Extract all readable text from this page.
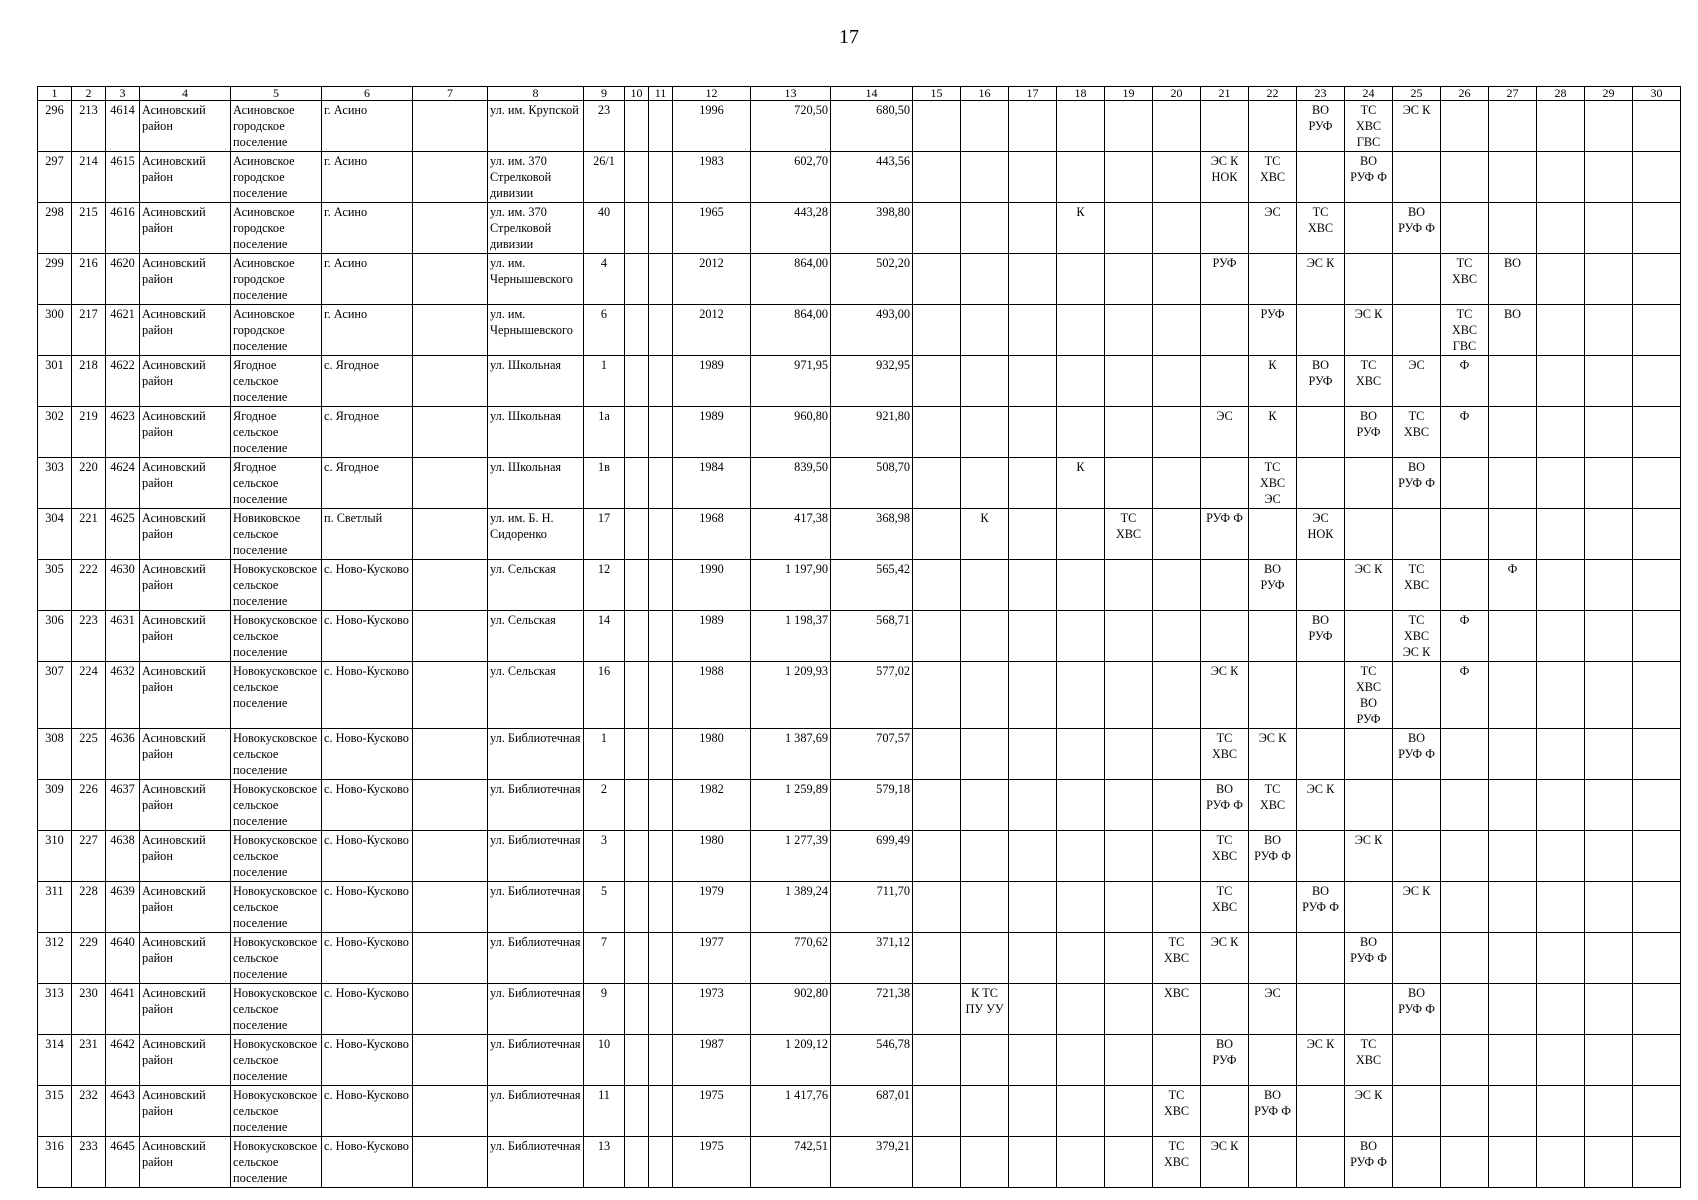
17
1	2	3	4	5	6	7	8	9	10	11	12	13	14	15	16	17	18	19	20	21	22	23	24	25	26	27	28	29	30
296	213	4614	Асиновский район	Асиновское городское поселение	г. Асино		ул. им. Крупской	23			1996	720,50	680,50									ВО РУФ	ТС ХВС ГВС	ЭС К					
297	214	4615	Асиновский район	Асиновское городское поселение	г. Асино		ул. им. 370 Стрелковой дивизии	26/1			1983	602,70	443,56							ЭС К НОК	ТС ХВС		ВО РУФ Ф						
298	215	4616	Асиновский район	Асиновское городское поселение	г. Асино		ул. им. 370 Стрелковой дивизии	40			1965	443,28	398,80				К				ЭС	ТС ХВС		ВО РУФ Ф					
299	216	4620	Асиновский район	Асиновское городское поселение	г. Асино		ул. им. Чернышевского	4			2012	864,00	502,20							РУФ		ЭС К			ТС ХВС	ВО			
300	217	4621	Асиновский район	Асиновское городское поселение	г. Асино		ул. им. Чернышевского	6			2012	864,00	493,00								РУФ		ЭС К		ТС ХВС ГВС	ВО			
301	218	4622	Асиновский район	Ягодное сельское поселение	с. Ягодное		ул. Школьная	1			1989	971,95	932,95								К	ВО РУФ	ТС ХВС	ЭС	Ф				
302	219	4623	Асиновский район	Ягодное сельское поселение	с. Ягодное		ул. Школьная	1а			1989	960,80	921,80							ЭС	К		ВО РУФ	ТС ХВС	Ф				
303	220	4624	Асиновский район	Ягодное сельское поселение	с. Ягодное		ул. Школьная	1в			1984	839,50	508,70				К				ТС ХВС ЭС			ВО РУФ Ф					
304	221	4625	Асиновский район	Новиковское сельское поселение	п. Светлый		ул. им. Б. Н. Сидоренко	17			1968	417,38	368,98		К			ТС ХВС		РУФ Ф		ЭС НОК							
305	222	4630	Асиновский район	Новокусковское сельское поселение	с. Ново-Кусково		ул. Сельская	12			1990	1 197,90	565,42								ВО РУФ		ЭС К	ТС ХВС		Ф			
306	223	4631	Асиновский район	Новокусковское сельское поселение	с. Ново-Кусково		ул. Сельская	14			1989	1 198,37	568,71									ВО РУФ		ТС ХВС ЭС К	Ф				
307	224	4632	Асиновский район	Новокусковское сельское поселение	с. Ново-Кусково		ул. Сельская	16			1988	1 209,93	577,02							ЭС К			ТС ХВС ВО РУФ		Ф				
308	225	4636	Асиновский район	Новокусковское сельское поселение	с. Ново-Кусково		ул. Библиотечная	1			1980	1 387,69	707,57							ТС ХВС	ЭС К			ВО РУФ Ф					
309	226	4637	Асиновский район	Новокусковское сельское поселение	с. Ново-Кусково		ул. Библиотечная	2			1982	1 259,89	579,18							ВО РУФ Ф	ТС ХВС	ЭС К							
310	227	4638	Асиновский район	Новокусковское сельское поселение	с. Ново-Кусково		ул. Библиотечная	3			1980	1 277,39	699,49							ТС ХВС	ВО РУФ Ф		ЭС К						
311	228	4639	Асиновский район	Новокусковское сельское поселение	с. Ново-Кусково		ул. Библиотечная	5			1979	1 389,24	711,70							ТС ХВС		ВО РУФ Ф		ЭС К					
312	229	4640	Асиновский район	Новокусковское сельское поселение	с. Ново-Кусково		ул. Библиотечная	7			1977	770,62	371,12						ТС ХВС	ЭС К			ВО РУФ Ф						
313	230	4641	Асиновский район	Новокусковское сельское поселение	с. Ново-Кусково		ул. Библиотечная	9			1973	902,80	721,38		К ТС ПУ УУ				ХВС		ЭС			ВО РУФ Ф					
314	231	4642	Асиновский район	Новокусковское сельское поселение	с. Ново-Кусково		ул. Библиотечная	10			1987	1 209,12	546,78							ВО РУФ		ЭС К	ТС ХВС						
315	232	4643	Асиновский район	Новокусковское сельское поселение	с. Ново-Кусково		ул. Библиотечная	11			1975	1 417,76	687,01						ТС ХВС		ВО РУФ Ф		ЭС К						
316	233	4645	Асиновский район	Новокусковское сельское поселение	с. Ново-Кусково		ул. Библиотечная	13			1975	742,51	379,21						ТС ХВС	ЭС К			ВО РУФ Ф						
